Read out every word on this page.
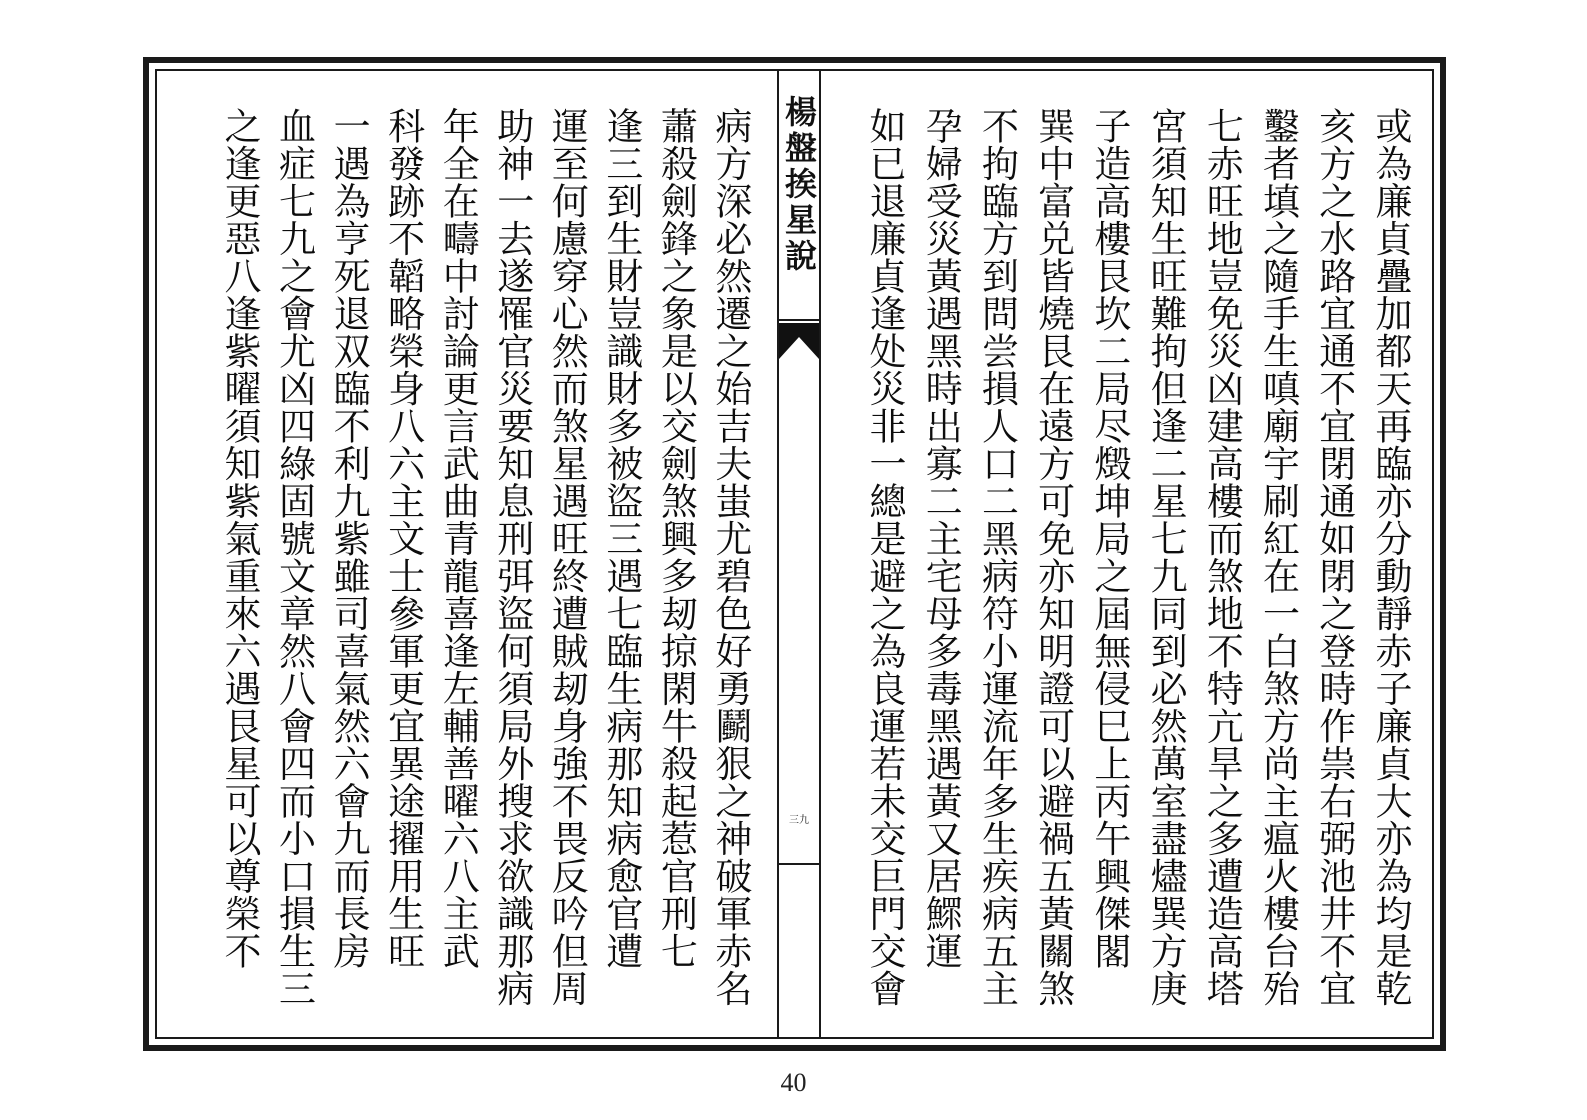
病方深必然遷之始吉夫蚩尤碧色好勇鬬狠之神破軍赤名
蕭殺劍鋒之象是以交劍煞興多刼掠閑牛殺起惹官刑七
逢三到生財豈識財多被盜三遇七臨生病那知病愈官遭
運至何慮穿心然而煞星遇旺終遭賊刼身強不畏反吟但周
助神一去遂罹官災要知息刑弭盜何須局外搜求欲識那病
年全在疇中討論更言武曲青龍喜逢左輔善曜六八主武
科發跡不韜略榮身八六主文士參軍更宜異途擢用生旺
一遇為亨死退双臨不利九紫雖司喜氣然六會九而長房
血症七九之會尤凶四綠固號文章然八會四而小口損生三
之逢更惡八逢紫曜須知紫氣重來六遇艮星可以尊榮不	楊盤挨星說
三九	或為廉貞疊加都天再臨亦分動靜赤子廉貞大亦為均是乾
亥方之水路宜通不宜閉通如閉之登時作祟右弼池井不宜
鑿者填之隨手生嗔廟宇刷紅在一白煞方尚主瘟火樓台殆
七赤旺地豈免災凶建高樓而煞地不特亢旱之多遭造高塔
宮須知生旺難拘但逢二星七九同到必然萬室盡燼巽方庚
子造高樓艮坎二局尽燬坤局之屆無侵巳上丙午興傑閣
巽中富兑皆燒艮在遠方可免亦知明證可以避禍五黃關煞
不拘臨方到問尝損人口二黑病符小運流年多生疾病五主
孕婦受災黃遇黑時出寡二主宅母多毒黑遇黃又居鰥運
如已退廉貞逢处災非一總是避之為良運若未交巨門交會
40
